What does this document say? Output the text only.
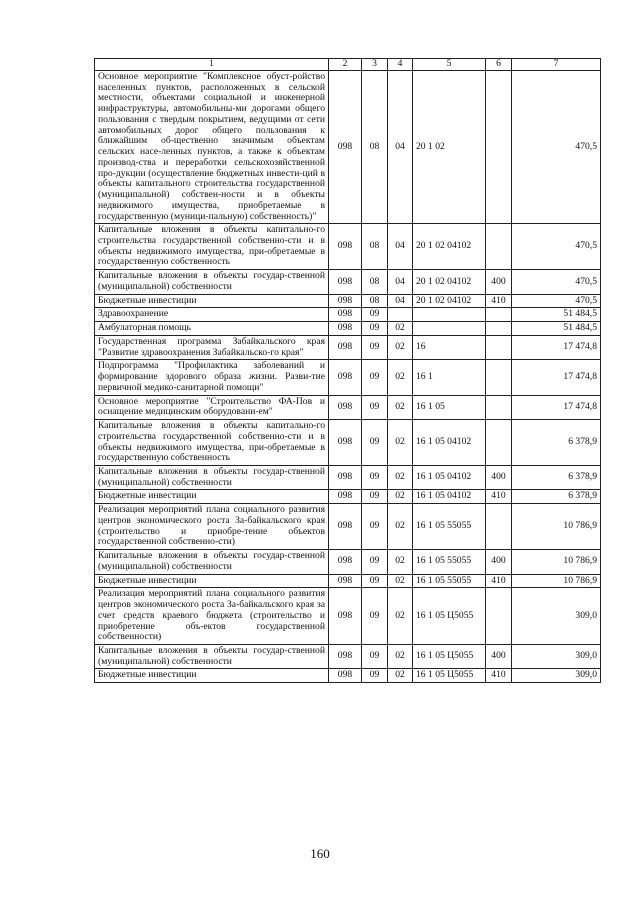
1	2	3	4	5	6	7
Основное мероприятие "Комплексное обуст-ройство населенных пунктов, расположенных в сельской местности, объектами социальной и инженерной инфраструктуры, автомобильны-ми дорогами общего пользования с твердым покрытием, ведущими от сети автомобильных дорог общего пользования к ближайшим об-щественно значимым объектам сельских насе-ленных пунктов, а также к объектам производ-ства и переработки сельскохозяйственной про-дукции (осуществление бюджетных инвести-ций в объекты капитального строительства государственной (муниципальной) собствен-ности и в объекты недвижимого имущества, приобретаемые в государственную (муници-пальную) собственность)"	098	08	04	20 1 02		470,5
Капитальные вложения в объекты капитально-го строительства государственной собственно-сти и в объекты недвижимого имущества, при-обретаемые в государственную собственность	098	08	04	20 1 02 04102		470,5
Капитальные вложения в объекты государ-ственной (муниципальной) собственности	098	08	04	20 1 02 04102	400	470,5
Бюджетные инвестиции	098	08	04	20 1 02 04102	410	470,5
Здравоохранение	098	09				51 484,5
Амбулаторная помощь	098	09	02			51 484,5
Государственная программа Забайкальского края "Развитие здравоохранения Забайкальско-го края"	098	09	02	16		17 474,8
Подпрограмма "Профилактика заболеваний и формирование здорового образа жизни. Разви-тие первичной медико-санитарной помощи"	098	09	02	16 1		17 474,8
Основное мероприятие "Строительство ФА-Пов и оснащение медицинским оборудовани-ем"	098	09	02	16 1 05		17 474,8
Капитальные вложения в объекты капитально-го строительства государственной собственно-сти и в объекты недвижимого имущества, при-обретаемые в государственную собственность	098	09	02	16 1 05 04102		6 378,9
Капитальные вложения в объекты государ-ственной (муниципальной) собственности	098	09	02	16 1 05 04102	400	6 378,9
Бюджетные инвестиции	098	09	02	16 1 05 04102	410	6 378,9
Реализация мероприятий плана социального развития центров экономического роста За-байкальского края (строительство и приобре-тение объектов государственной собственно-сти)	098	09	02	16 1 05 55055		10 786,9
Капитальные вложения в объекты государ-ственной (муниципальной) собственности	098	09	02	16 1 05 55055	400	10 786,9
Бюджетные инвестиции	098	09	02	16 1 05 55055	410	10 786,9
Реализация мероприятий плана социального развития центров экономического роста За-байкальского края за счет средств краевого бюджета (строительство и приобретение объ-ектов государственной собственности)	098	09	02	16 1 05 Ц5055		309,0
Капитальные вложения в объекты государ-ственной (муниципальной) собственности	098	09	02	16 1 05 Ц5055	400	309,0
Бюджетные инвестиции	098	09	02	16 1 05 Ц5055	410	309,0
160
